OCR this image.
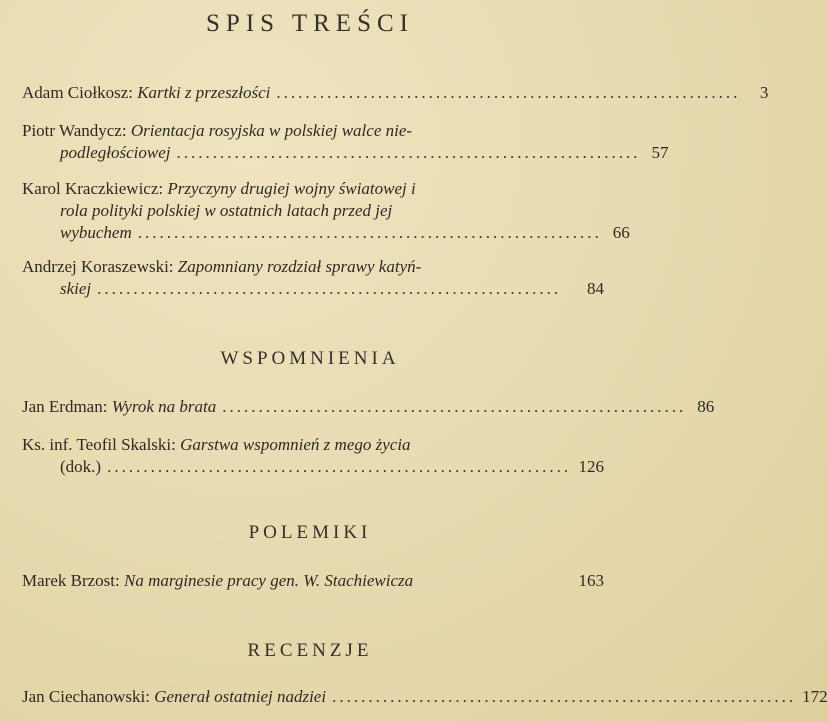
SPIS TREŚCI
Adam Ciołkosz: Kartki z przeszłości ................................................................	3
Piotr Wandycz: Orientacja rosyjska w polskiej walce nie-
podległościowej ................................................................ 57
Karol Kraczkiewicz: Przyczyny drugiej wojny światowej i
rola polityki polskiej w ostatnich latach przed jej
wybuchem ................................................................ 66
Andrzej Koraszewski: Zapomniany rozdział sprawy katyń-
skiej ................................................................	84
WSPOMNIENIA
Jan Erdman: Wyrok na brata ................................................................ 86
Ks. inf. Teofil Skalski: Garstwa wspomnień z mego życia
(dok.) ................................................................ 126
POLEMIKI
Marek Brzost: Na marginesie pracy gen. W. Stachiewicza	163
RECENZJE
Jan Ciechanowski: Generał ostatniej nadziei ................................................................ 172
